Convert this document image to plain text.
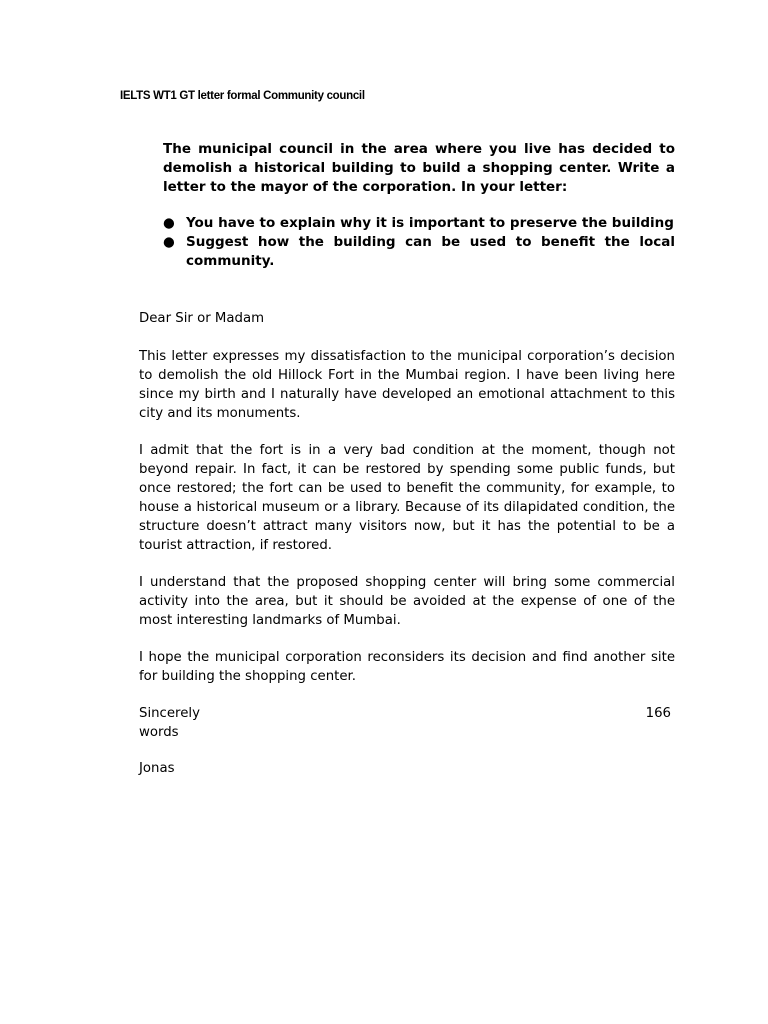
IELTS WT1 GT letter formal Community council

The municipal council in the area where you live has decided to demolish a historical building to build a shopping center. Write a letter to the mayor of the corporation. In your letter:

● You have to explain why it is important to preserve the building
● Suggest how the building can be used to benefit the local community.

Dear Sir or Madam

This letter expresses my dissatisfaction to the municipal corporation’s decision to demolish the old Hillock Fort in the Mumbai region. I have been living here since my birth and I naturally have developed an emotional attachment to this city and its monuments.

I admit that the fort is in a very bad condition at the moment, though not beyond repair. In fact, it can be restored by spending some public funds, but once restored; the fort can be used to benefit the community, for example, to house a historical museum or a library. Because of its dilapidated condition, the structure doesn’t attract many visitors now, but it has the potential to be a tourist attraction, if restored.

I understand that the proposed shopping center will bring some commercial activity into the area, but it should be avoided at the expense of one of the most interesting landmarks of Mumbai.

I hope the municipal corporation reconsiders its decision and find another site for building the shopping center.

Sincerely	166
words

Jonas
